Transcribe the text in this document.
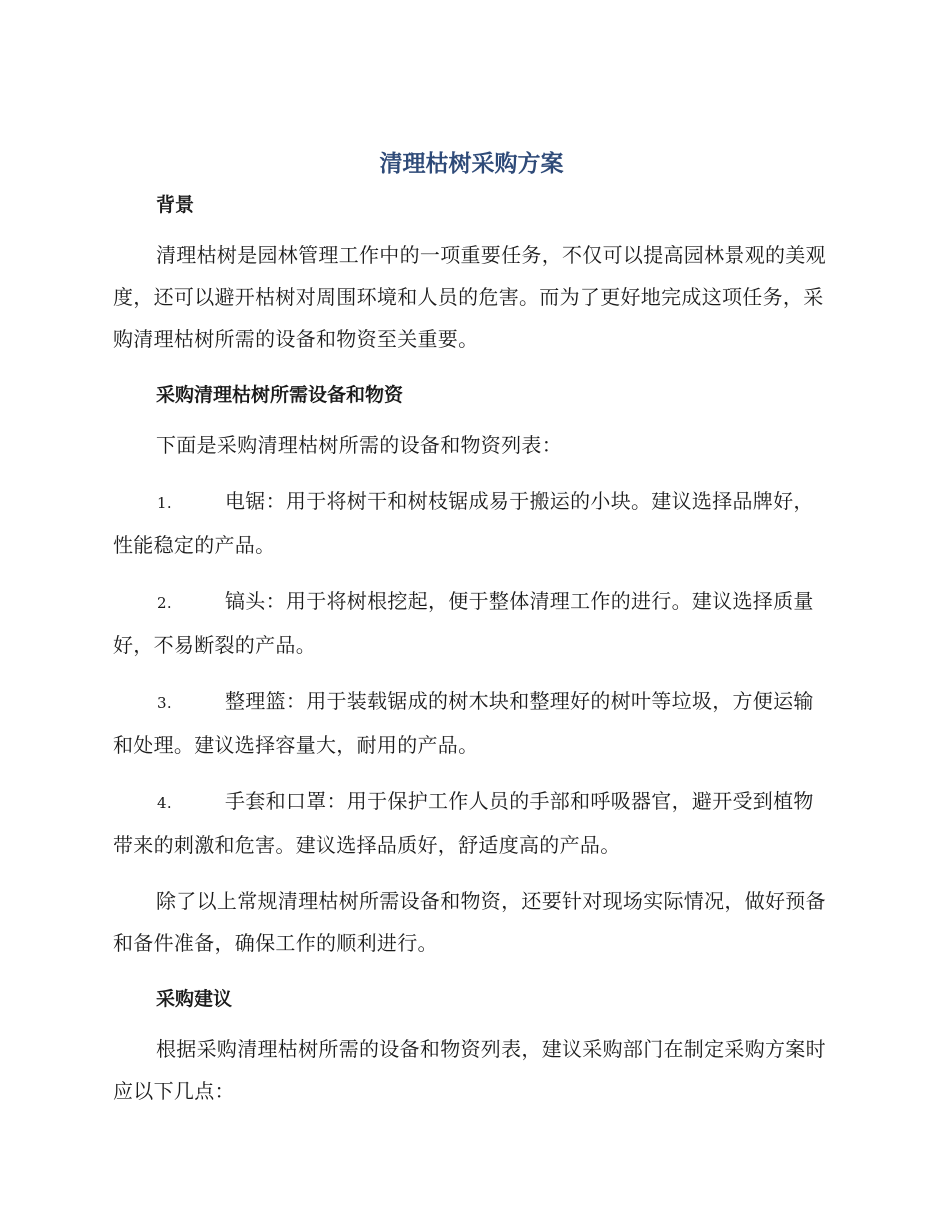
清理枯树采购方案
背景

清理枯树是园林管理工作中的一项重要任务，不仅可以提高园林景观的美观度，还可以避开枯树对周围环境和人员的危害。而为了更好地完成这项任务，采购清理枯树所需的设备和物资至关重要。

采购清理枯树所需设备和物资

下面是采购清理枯树所需的设备和物资列表：

1.	电锯：用于将树干和树枝锯成易于搬运的小块。建议选择品牌好，性能稳定的产品。

2.	镐头：用于将树根挖起，便于整体清理工作的进行。建议选择质量好，不易断裂的产品。

3.	整理篮：用于装载锯成的树木块和整理好的树叶等垃圾，方便运输和处理。建议选择容量大，耐用的产品。

4.	手套和口罩：用于保护工作人员的手部和呼吸器官，避开受到植物带来的刺激和危害。建议选择品质好，舒适度高的产品。

除了以上常规清理枯树所需设备和物资，还要针对现场实际情况，做好预备和备件准备，确保工作的顺利进行。

采购建议

根据采购清理枯树所需的设备和物资列表，建议采购部门在制定采购方案时应以下几点：
